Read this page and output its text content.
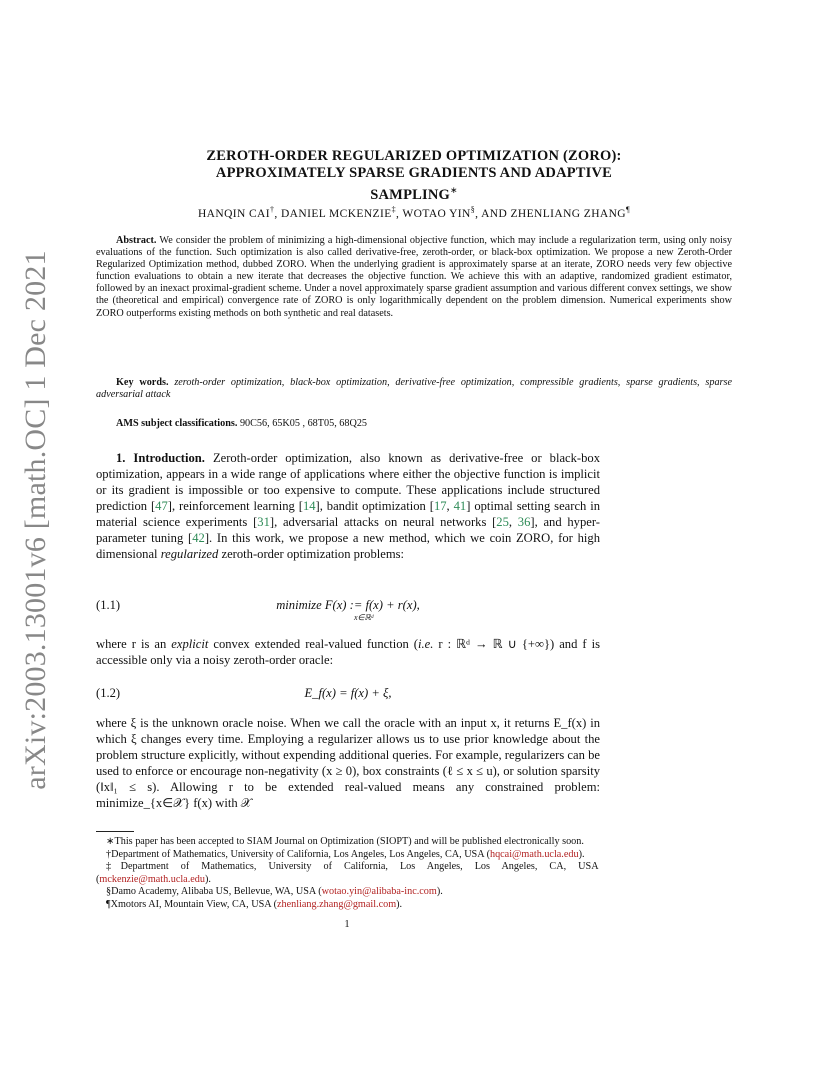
arXiv:2003.13001v6 [math.OC] 1 Dec 2021
ZEROTH-ORDER REGULARIZED OPTIMIZATION (ZORO):
APPROXIMATELY SPARSE GRADIENTS AND ADAPTIVE
SAMPLING∗
HANQIN CAI†, DANIEL MCKENZIE‡, WOTAO YIN§, AND ZHENLIANG ZHANG¶
Abstract. We consider the problem of minimizing a high-dimensional objective function, which may include a regularization term, using only noisy evaluations of the function. Such optimization is also called derivative-free, zeroth-order, or black-box optimization. We propose a new Zeroth-Order Regularized Optimization method, dubbed ZORO. When the underlying gradient is approximately sparse at an iterate, ZORO needs very few objective function evaluations to obtain a new iterate that decreases the objective function. We achieve this with an adaptive, randomized gradient estimator, followed by an inexact proximal-gradient scheme. Under a novel approximately sparse gradient assumption and various different convex settings, we show the (theoretical and empirical) convergence rate of ZORO is only logarithmically dependent on the problem dimension. Numerical experiments show ZORO outperforms existing methods on both synthetic and real datasets.
Key words. zeroth-order optimization, black-box optimization, derivative-free optimization, compressible gradients, sparse gradients, sparse adversarial attack
AMS subject classifications. 90C56, 65K05 , 68T05, 68Q25
1. Introduction. Zeroth-order optimization, also known as derivative-free or black-box optimization, appears in a wide range of applications where either the objective function is implicit or its gradient is impossible or too expensive to compute. These applications include structured prediction [47], reinforcement learning [14], bandit optimization [17, 41] optimal setting search in material science experiments [31], adversarial attacks on neural networks [25, 36], and hyper-parameter tuning [42]. In this work, we propose a new method, which we coin ZORO, for high dimensional regularized zeroth-order optimization problems:
(1.1)	minimize F(x) := f(x) + r(x),
x∈ℝᵈ
where r is an explicit convex extended real-valued function (i.e. r : ℝᵈ → ℝ ∪ {+∞}) and f is accessible only via a noisy zeroth-order oracle:
(1.2)	E_f(x) = f(x) + ξ,
where ξ is the unknown oracle noise. When we call the oracle with an input x, it returns E_f(x) in which ξ changes every time. Employing a regularizer allows us to use prior knowledge about the problem structure explicitly, without expending additional queries. For example, regularizers can be used to enforce or encourage non-negativity (x ≥ 0), box constraints (ℓ ≤ x ≤ u), or solution sparsity (‖x‖₁ ≤ s). Allowing r to be extended real-valued means any constrained problem: minimize_{x∈𝒳} f(x) with 𝒳

∗This paper has been accepted to SIAM Journal on Optimization (SIOPT) and will be published electronically soon.

†Department of Mathematics, University of California, Los Angeles, Los Angeles, CA, USA (hqcai@math.ucla.edu).

‡Department of Mathematics, University of California, Los Angeles, Los Angeles, CA, USA (mckenzie@math.ucla.edu).

§Damo Academy, Alibaba US, Bellevue, WA, USA (wotao.yin@alibaba-inc.com).

¶Xmotors AI, Mountain View, CA, USA (zhenliang.zhang@gmail.com).

1
